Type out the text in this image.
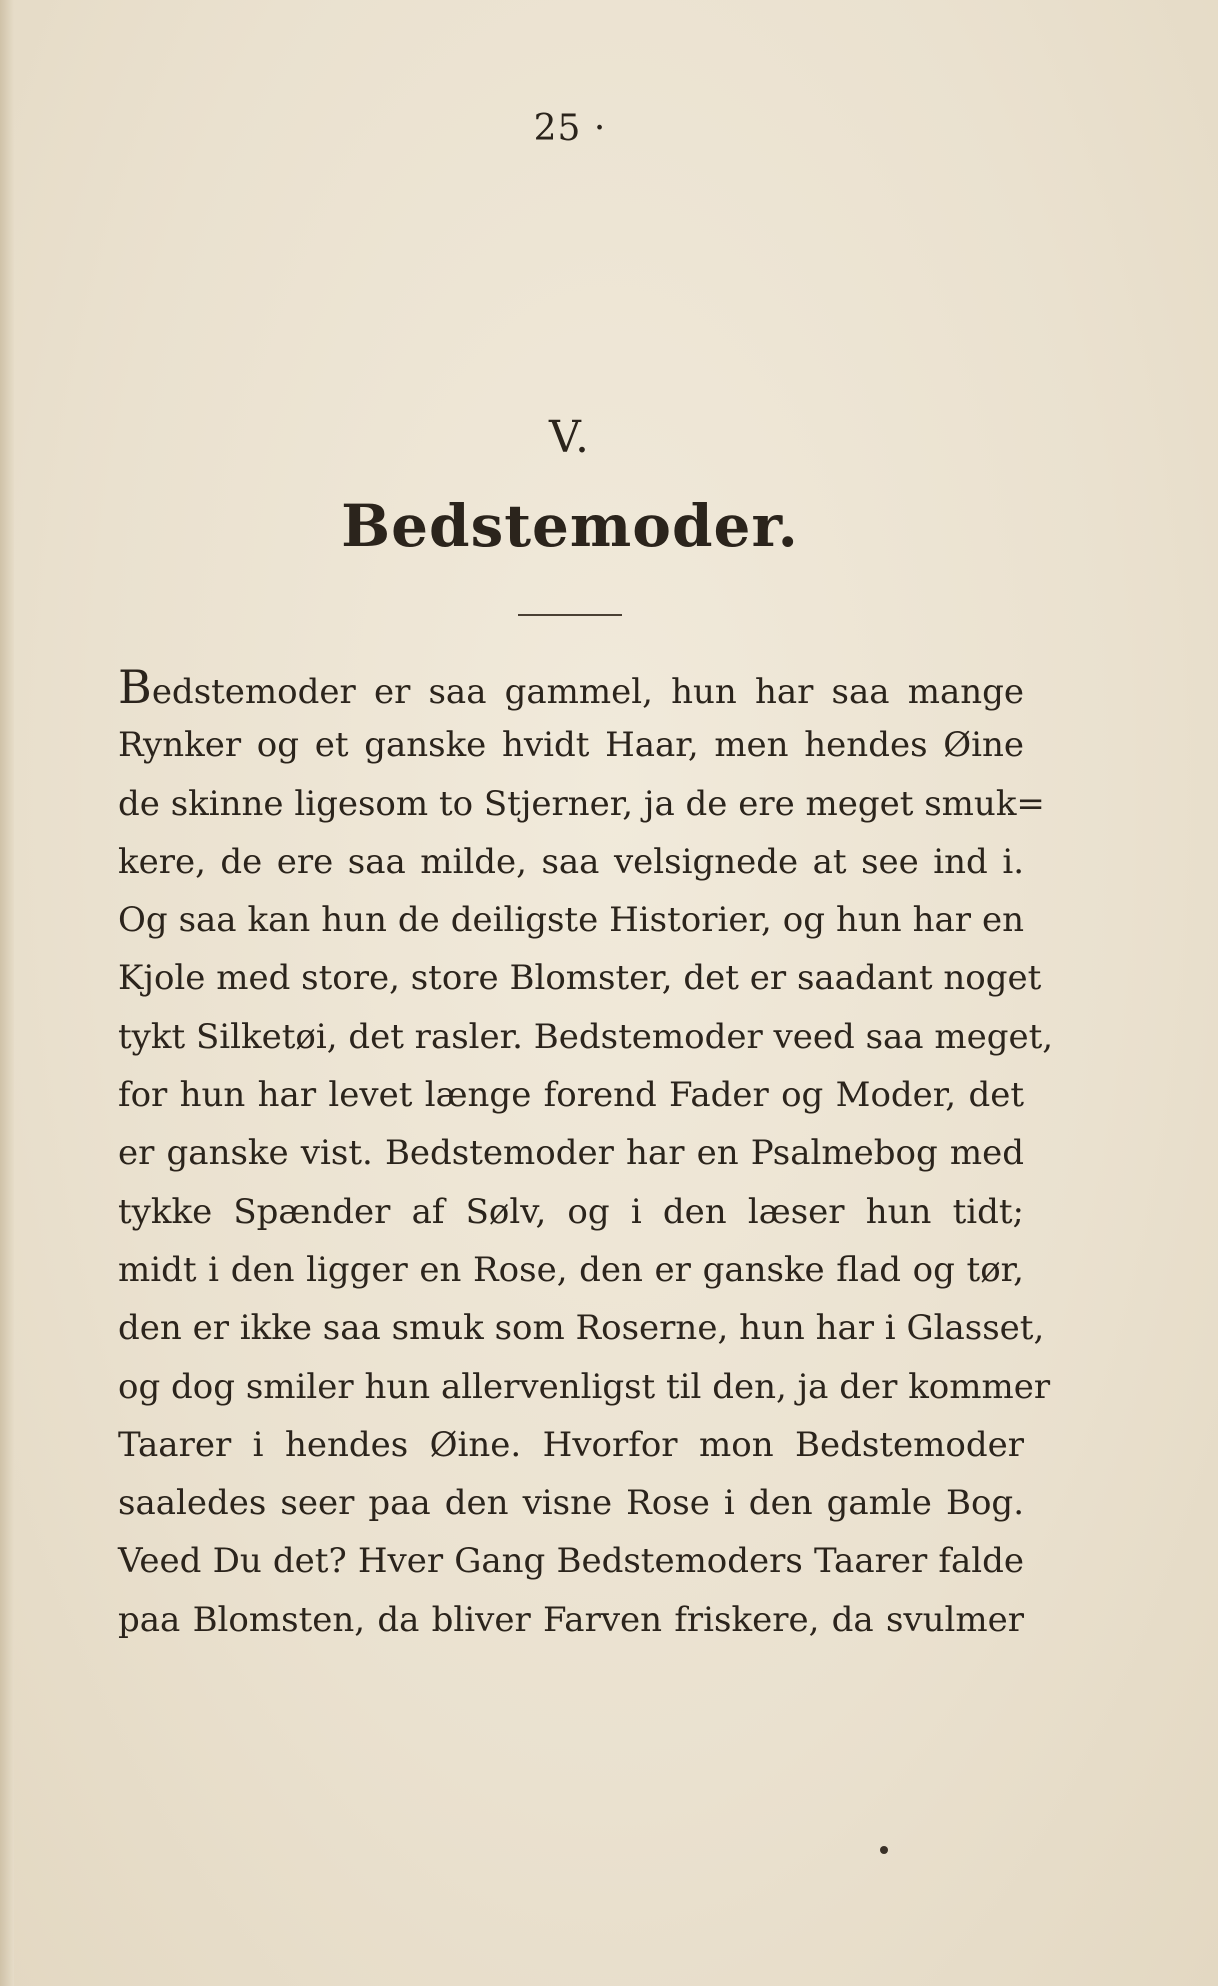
25 ·
V.
Bedstemoder.
Bedstemoder er saa gammel, hun har saa mange
Rynker og et ganske hvidt Haar, men hendes Øine
de skinne ligesom to Stjerner, ja de ere meget smuk=
kere, de ere saa milde, saa velsignede at see ind i.
Og saa kan hun de deiligste Historier, og hun har en
Kjole med store, store Blomster, det er saadant noget
tykt Silketøi, det rasler. Bedstemoder veed saa meget,
for hun har levet længe forend Fader og Moder, det
er ganske vist. Bedstemoder har en Psalmebog med
tykke Spænder af Sølv, og i den læser hun tidt;
midt i den ligger en Rose, den er ganske flad og tør,
den er ikke saa smuk som Roserne, hun har i Glasset,
og dog smiler hun allervenligst til den, ja der kommer
Taarer i hendes Øine. Hvorfor mon Bedstemoder
saaledes seer paa den visne Rose i den gamle Bog.
Veed Du det? Hver Gang Bedstemoders Taarer falde
paa Blomsten, da bliver Farven friskere, da svulmer
